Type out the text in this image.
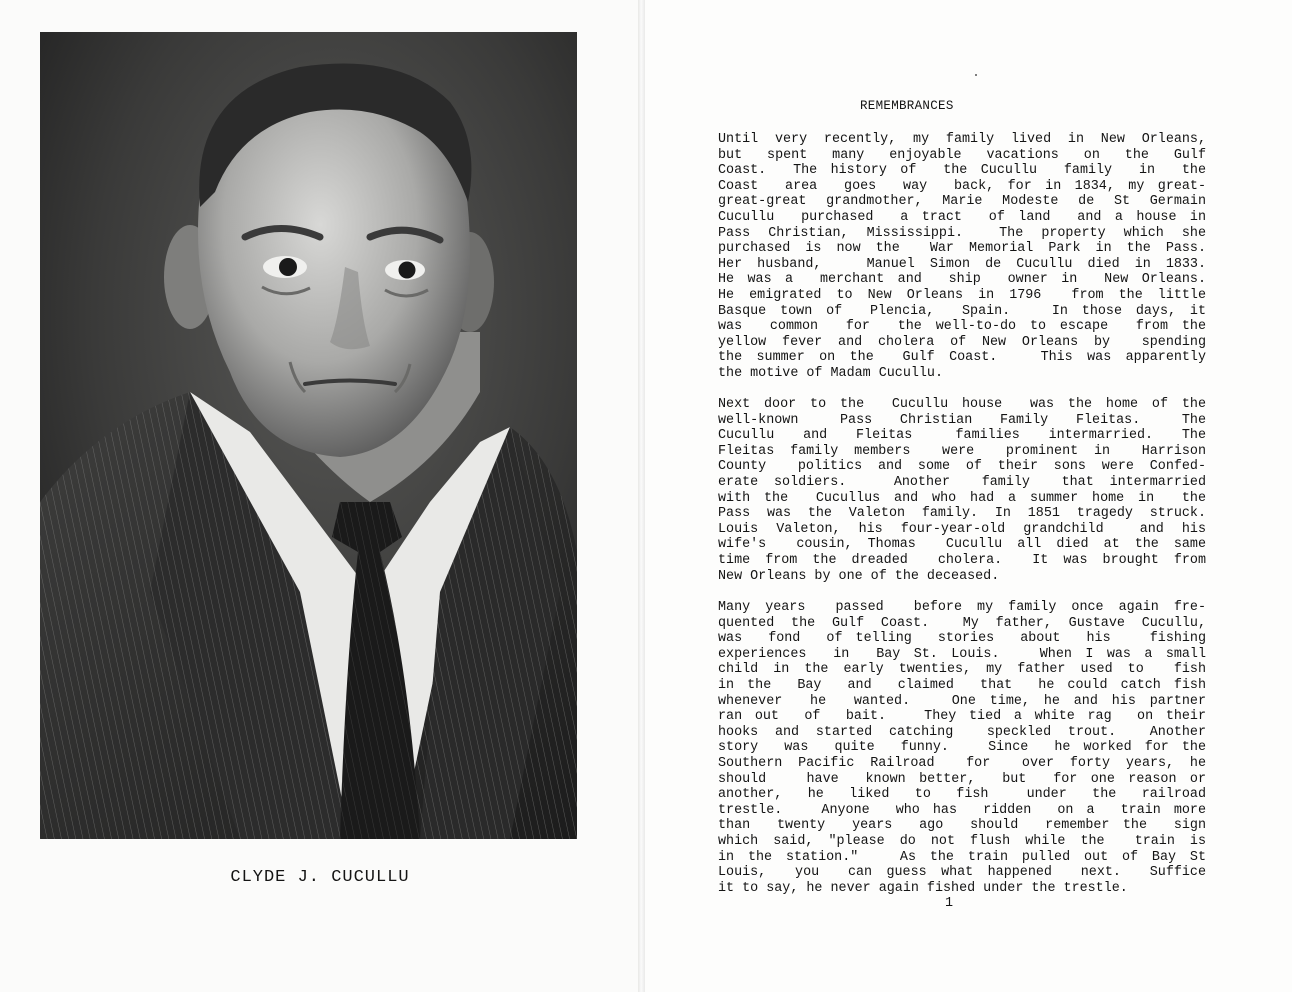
CLYDE J. CUCULLU
REMEMBRANCES
Until very recently, my family lived in New Orleans,
but  spent  many  enjoyable  vacations  on  the  Gulf
Coast.  The history of  the Cucullu  family  in  the
Coast  area  goes  way  back, for in 1834, my great-
great-great grandmother, Marie Modeste de St Germain
Cucullu  purchased  a tract  of land  and a house in
Pass Christian, Mississippi.  The property which she
purchased is now the  War Memorial Park in the Pass.
Her husband,   Manuel Simon de Cucullu died in 1833.
He was a  merchant and  ship  owner in  New Orleans.
He emigrated to New Orleans in 1796  from the little
Basque town of  Plencia,  Spain.   In those days, it
was  common  for  the well-to-do to escape  from the
yellow fever and cholera of New Orleans by  spending
the summer on the  Gulf Coast.   This was apparently
the motive of Madam Cucullu.
Next door to the  Cucullu house  was the home of the
well-known   Pass  Christian  Family  Fleitas.   The
Cucullu  and  Fleitas   families  intermarried.  The
Fleitas family members  were  prominent in  Harrison
County  politics and some of their sons were Confed-
erate soldiers.   Another  family  that intermarried
with the  Cucullus and who had a summer home in  the
Pass was the Valeton family. In 1851 tragedy struck.
Louis Valeton, his four-year-old grandchild  and his
wife's  cousin, Thomas  Cucullu all died at the same
time from the dreaded  cholera.  It was brought from
New Orleans by one of the deceased.
Many years  passed  before my family once again fre-
quented the Gulf Coast.  My father, Gustave Cucullu,
was  fond  of telling  stories  about  his   fishing
experiences  in  Bay St. Louis.   When I was a small
child in the early twenties, my father used to  fish
in the  Bay  and  claimed  that  he could catch fish
whenever  he  wanted.   One time, he and his partner
ran out  of  bait.   They tied a white rag  on their
hooks and started catching  speckled trout.  Another
story  was  quite  funny.   Since  he worked for the
Southern Pacific Railroad  for  over forty years, he
should   have  known better,  but  for one reason or
another,  he  liked  to  fish   under  the  railroad
trestle.   Anyone  who has  ridden  on a  train more
than  twenty  years  ago  should  remember the  sign
which said, "please do not flush while the  train is
in the station."   As the train pulled out of Bay St
Louis,  you  can guess what happened  next.  Suffice
it to say, he never again fished under the trestle.
1
